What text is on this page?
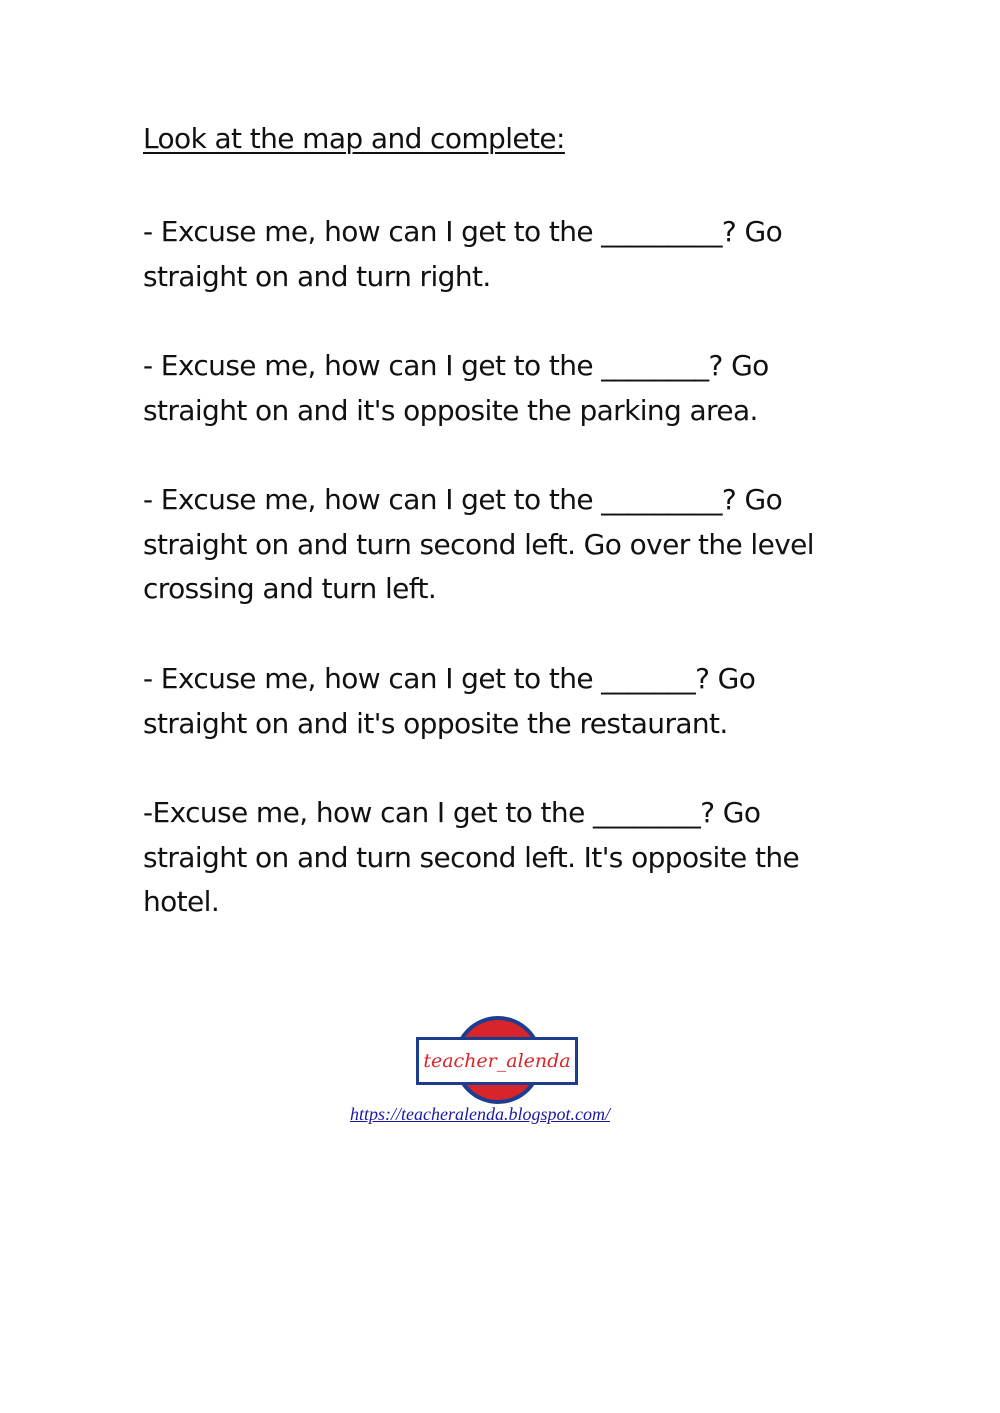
Look at the map and complete:

- Excuse me, how can I get to the _________? Go straight on and turn right.

- Excuse me, how can I get to the ________? Go straight on and it's opposite the parking area.

- Excuse me, how can I get to the _________? Go straight on and turn second left. Go over the level crossing and turn left.

- Excuse me, how can I get to the _______? Go straight on and it's opposite the restaurant.

-Excuse me, how can I get to the ________? Go straight on and turn second left. It's opposite the hotel.

teacher_alenda
https://teacheralenda.blogspot.com/
